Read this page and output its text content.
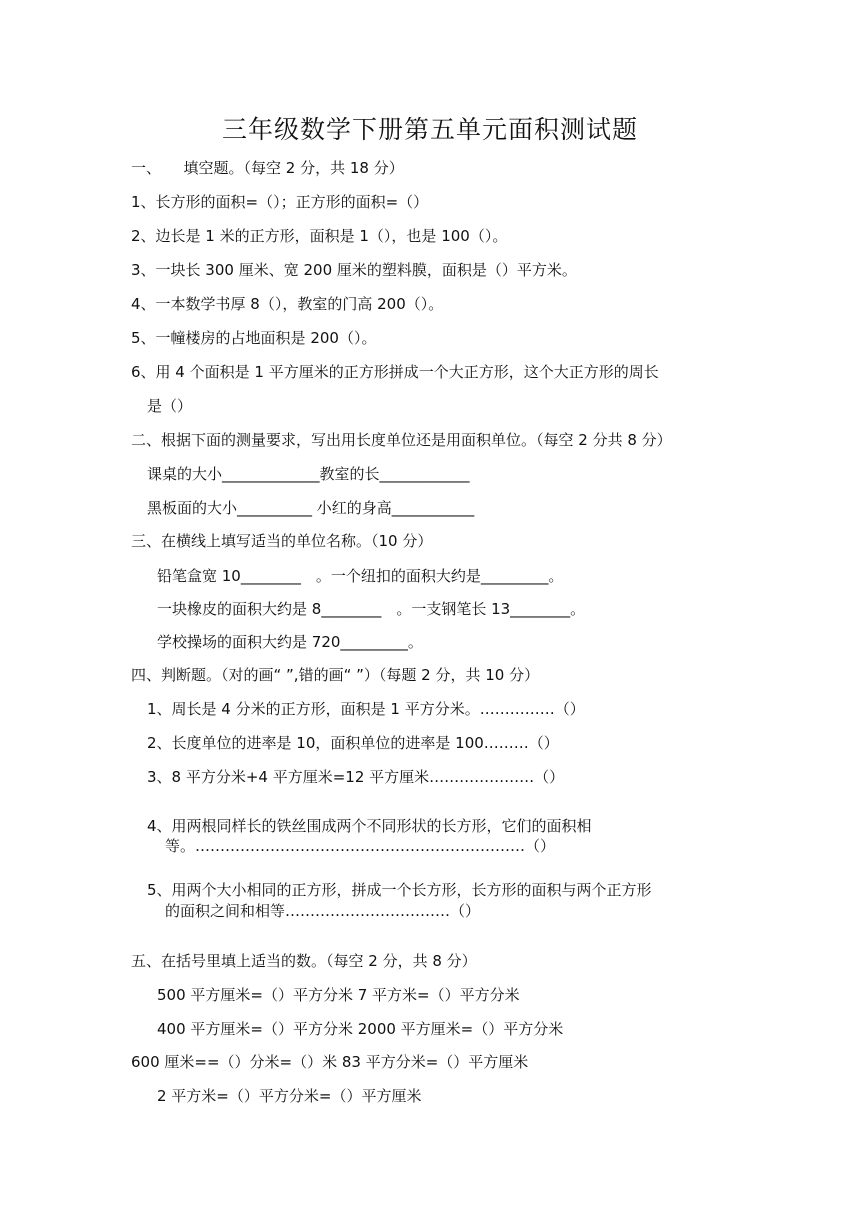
三年级数学下册第五单元面积测试题
一、　　填空题。（每空 2 分，共 18 分）
1、长方形的面积=（）；正方形的面积=（）
2、边长是 1 米的正方形，面积是 1（），也是 100（）。
3、一块长 300 厘米、宽 200 厘米的塑料膜，面积是（）平方米。
4、一本数学书厚 8（），教室的门高 200（）。
5、一幢楼房的占地面积是 200（）。
6、用 4 个面积是 1 平方厘米的正方形拼成一个大正方形，这个大正方形的周长
是（）
二、根据下面的测量要求，写出用长度单位还是用面积单位。（每空 2 分共 8 分）
课桌的大小_____________教室的长____________
黑板面的大小__________ 小红的身高___________
三、在横线上填写适当的单位名称。（10 分）
铅笔盒宽 10________　。一个纽扣的面积大约是_________。
一块橡皮的面积大约是 8________　。一支钢笔长 13________。
学校操场的面积大约是 720_________。
四、判断题。（对的画“ ”,错的画“ ”）（每题 2 分，共 10 分）
1、周长是 4 分米的正方形，面积是 1 平方分米。……………（）
2、长度单位的进率是 10，面积单位的进率是 100………（）
3、8 平方分米+4 平方厘米=12 平方厘米…………………（）
4、用两根同样长的铁丝围成两个不同形状的长方形，它们的面积相
等。…………………………………………………………（）
5、用两个大小相同的正方形，拼成一个长方形，长方形的面积与两个正方形
的面积之间和相等……………………………（）
五、在括号里填上适当的数。（每空 2 分，共 8 分）
500 平方厘米=（）平方分米 7 平方米=（）平方分米
400 平方厘米=（）平方分米 2000 平方厘米=（）平方分米
600 厘米==（）分米=（）米 83 平方分米=（）平方厘米
2 平方米=（）平方分米=（）平方厘米
